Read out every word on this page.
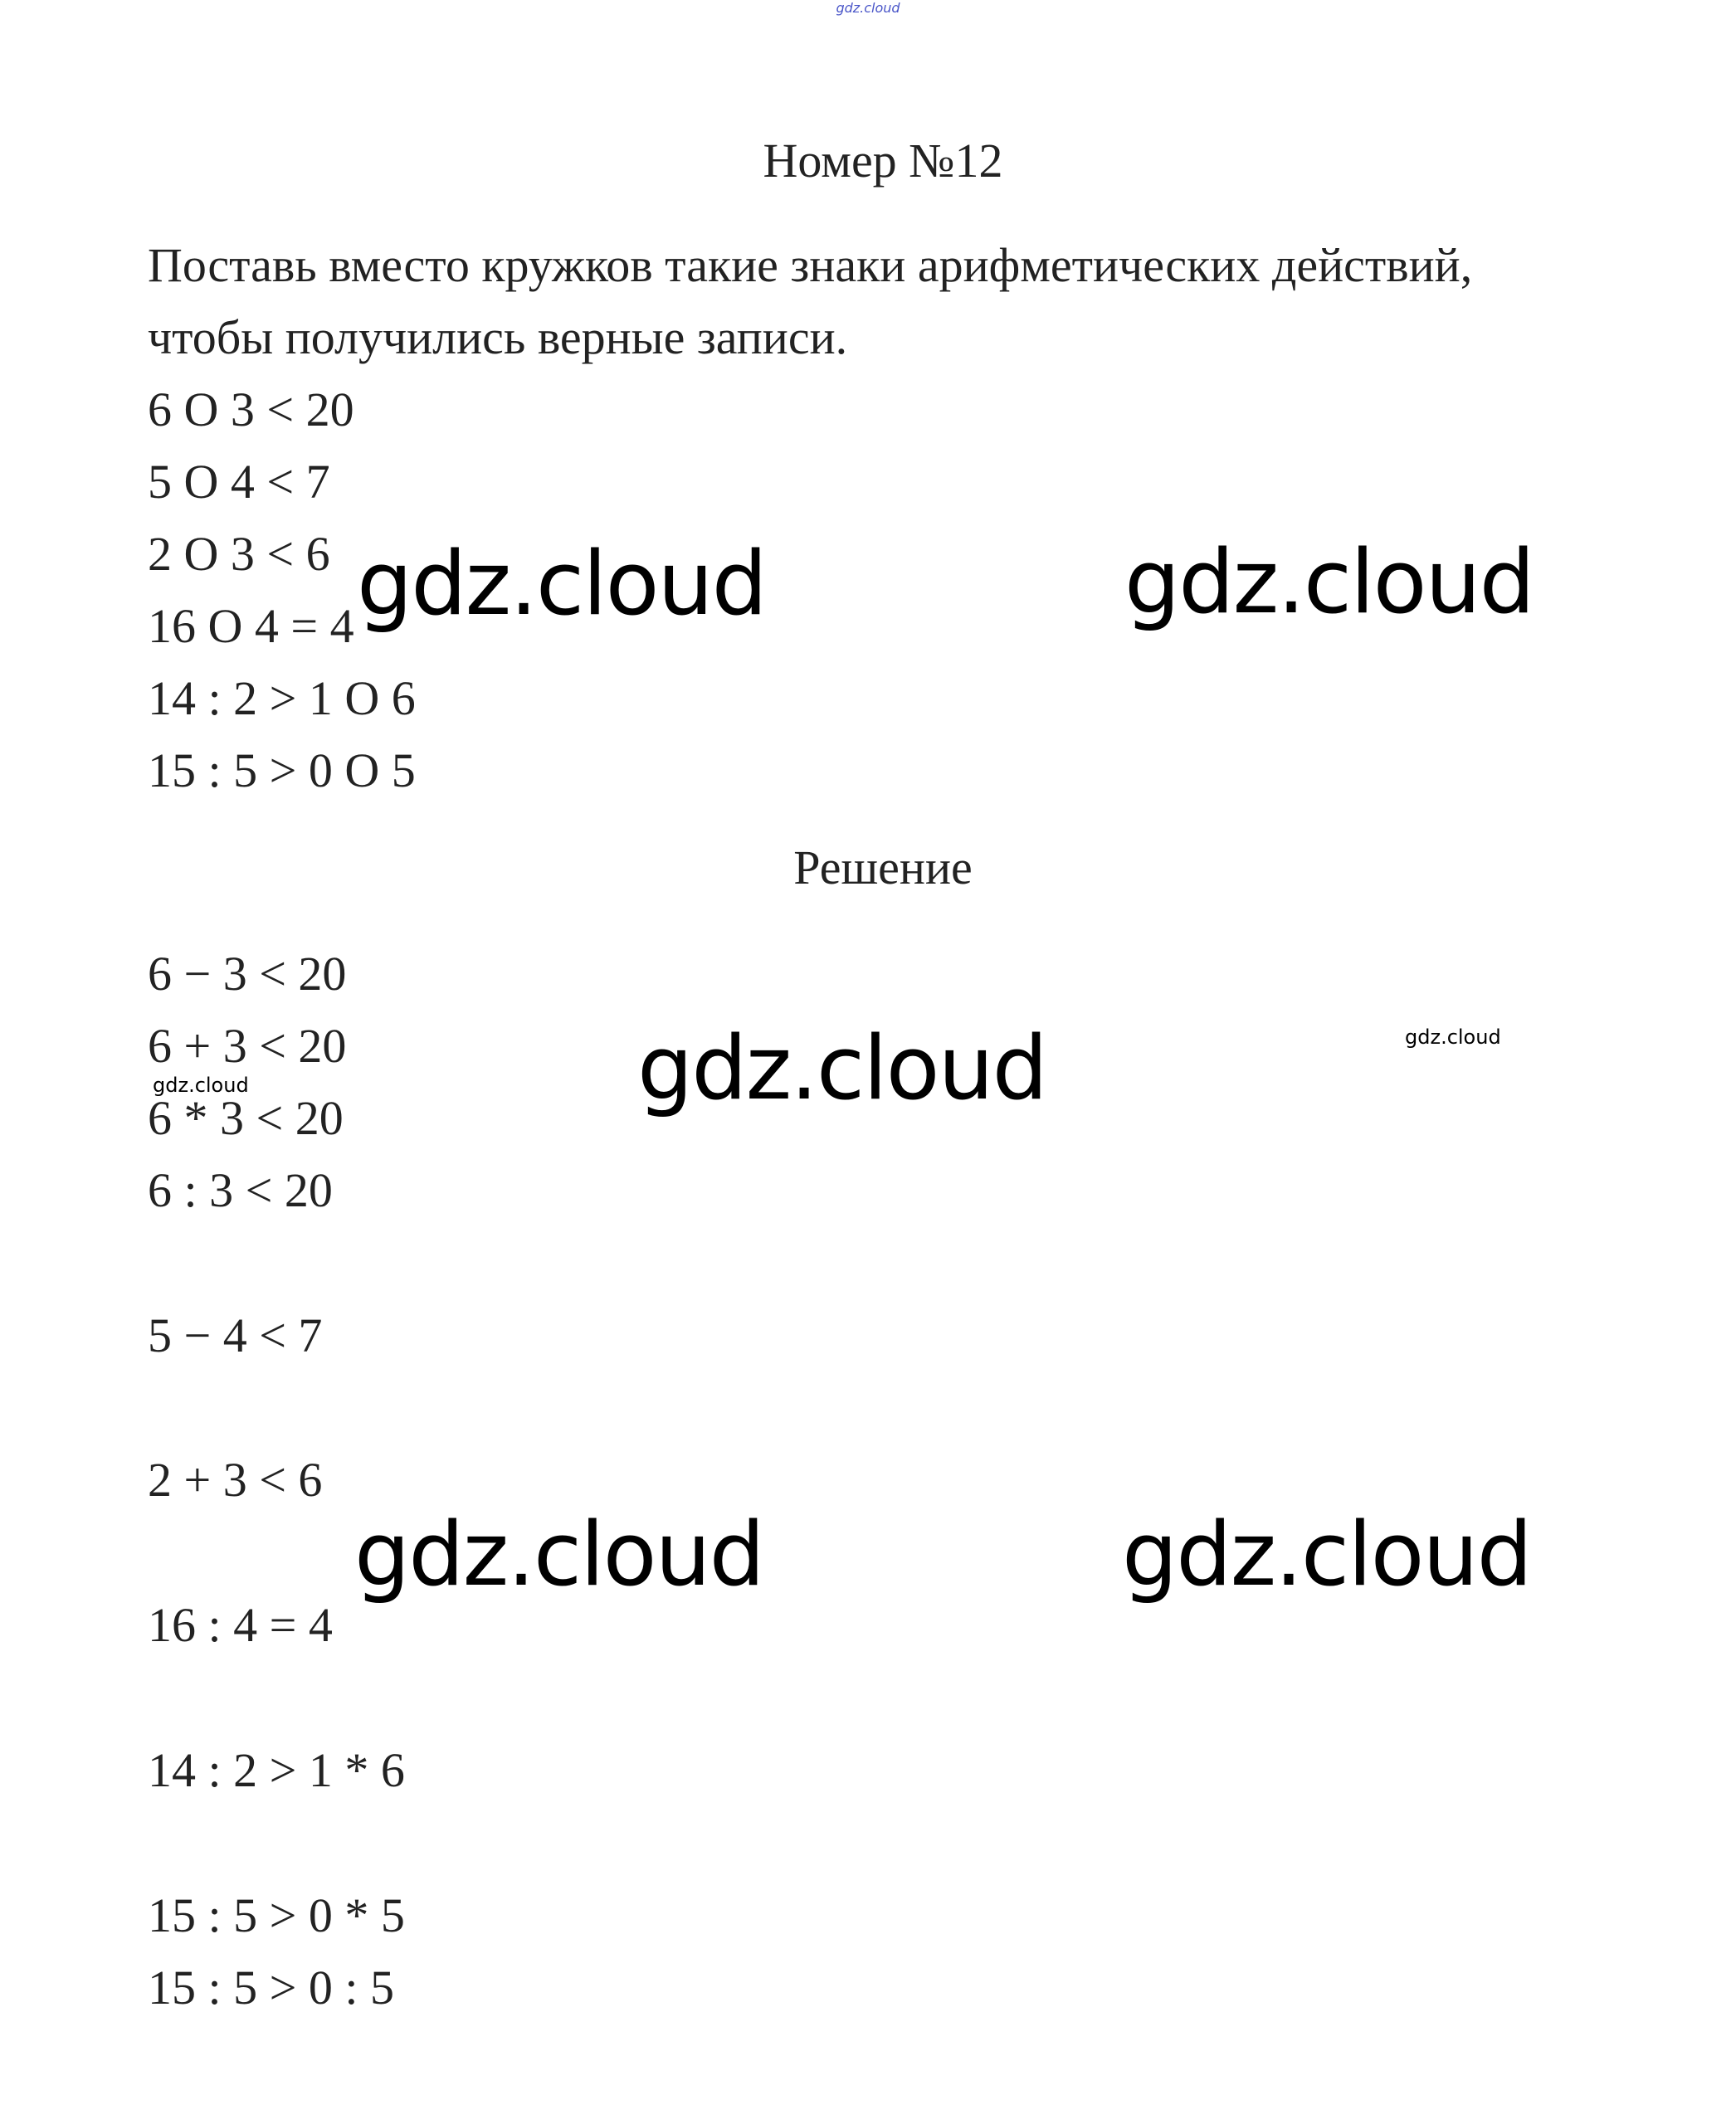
gdz.cloud
Номер №12
Поставь вместо кружков такие знаки арифметических действий,
чтобы получились верные записи.
6 О 3 < 20
5 О 4 < 7
2 О 3 < 6
16 О 4 = 4
14 : 2 > 1 О 6
15 : 5 > 0 О 5
Решение
6 − 3 < 20
6 + 3 < 20
6 * 3 < 20
6 : 3 < 20
5 − 4 < 7
2 + 3 < 6
16 : 4 = 4
14 : 2 > 1 * 6
15 : 5 > 0 * 5
15 : 5 > 0 : 5
gdz.cloud	gdz.cloud
gdz.cloud
gdz.cloud	gdz.cloud
gdz.cloud
gdz.cloud
